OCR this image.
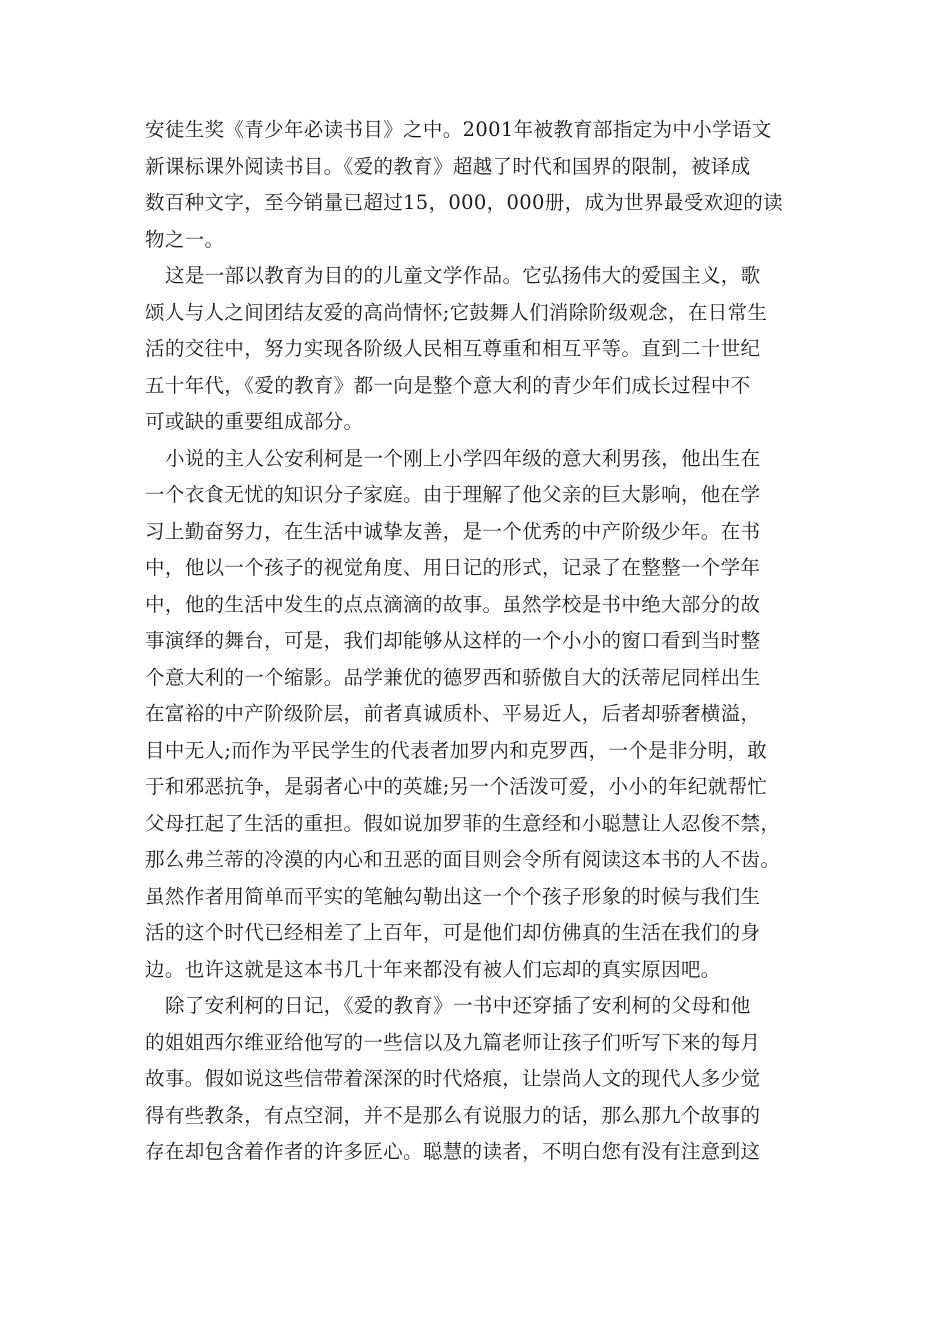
安徒生奖《青少年必读书目》之中。2001年被教育部指定为中小学语文
新课标课外阅读书目。《爱的教育》超越了时代和国界的限制，被译成
数百种文字，至今销量已超过15，000，000册，成为世界最受欢迎的读
物之一。
这是一部以教育为目的的儿童文学作品。它弘扬伟大的爱国主义，歌
颂人与人之间团结友爱的高尚情怀;它鼓舞人们消除阶级观念，在日常生
活的交往中，努力实现各阶级人民相互尊重和相互平等。直到二十世纪
五十年代，《爱的教育》都一向是整个意大利的青少年们成长过程中不
可或缺的重要组成部分。
小说的主人公安利柯是一个刚上小学四年级的意大利男孩，他出生在
一个衣食无忧的知识分子家庭。由于理解了他父亲的巨大影响，他在学
习上勤奋努力，在生活中诚挚友善，是一个优秀的中产阶级少年。在书
中，他以一个孩子的视觉角度、用日记的形式，记录了在整整一个学年
中，他的生活中发生的点点滴滴的故事。虽然学校是书中绝大部分的故
事演绎的舞台，可是，我们却能够从这样的一个小小的窗口看到当时整
个意大利的一个缩影。品学兼优的德罗西和骄傲自大的沃蒂尼同样出生
在富裕的中产阶级阶层，前者真诚质朴、平易近人，后者却骄奢横溢，
目中无人;而作为平民学生的代表者加罗内和克罗西，一个是非分明，敢
于和邪恶抗争，是弱者心中的英雄;另一个活泼可爱，小小的年纪就帮忙
父母扛起了生活的重担。假如说加罗菲的生意经和小聪慧让人忍俊不禁，
那么弗兰蒂的冷漠的内心和丑恶的面目则会令所有阅读这本书的人不齿。
虽然作者用简单而平实的笔触勾勒出这一个个孩子形象的时候与我们生
活的这个时代已经相差了上百年，可是他们却仿佛真的生活在我们的身
边。也许这就是这本书几十年来都没有被人们忘却的真实原因吧。
除了安利柯的日记，《爱的教育》一书中还穿插了安利柯的父母和他
的姐姐西尔维亚给他写的一些信以及九篇老师让孩子们听写下来的每月
故事。假如说这些信带着深深的时代烙痕，让崇尚人文的现代人多少觉
得有些教条，有点空洞，并不是那么有说服力的话，那么那九个故事的
存在却包含着作者的许多匠心。聪慧的读者，不明白您有没有注意到这
